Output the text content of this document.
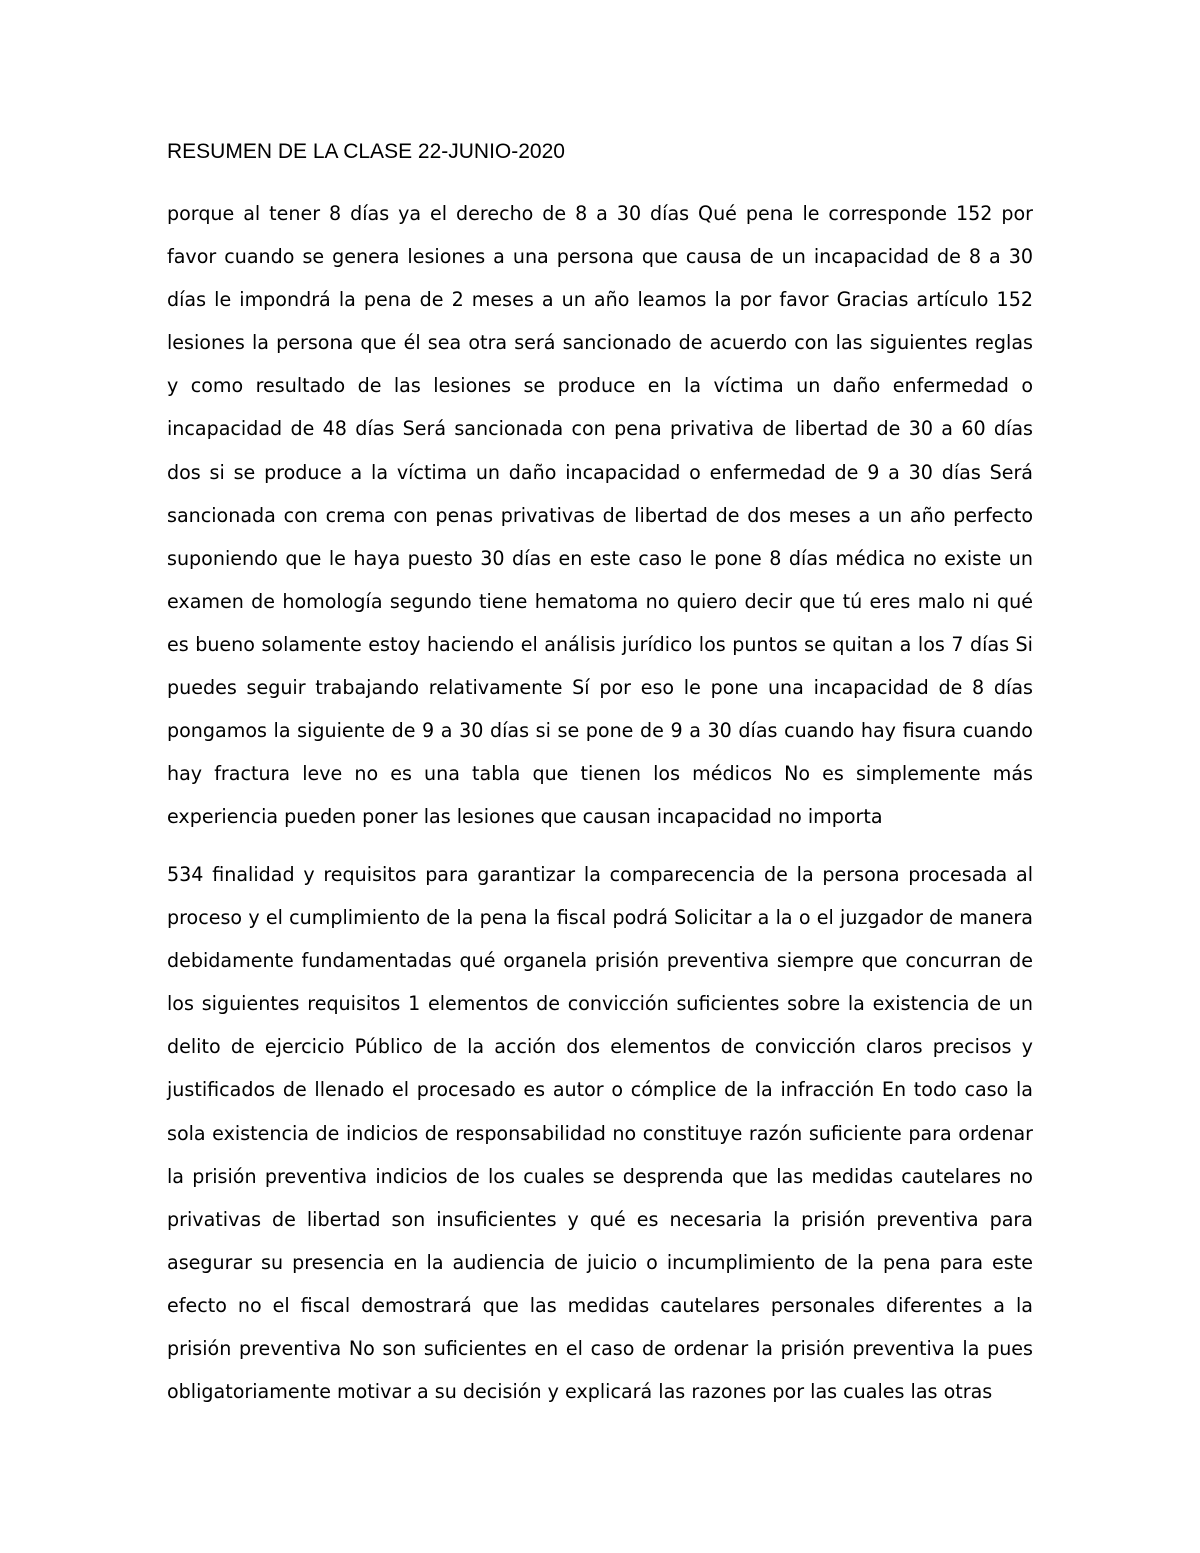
RESUMEN DE LA CLASE 22-JUNIO-2020

porque al tener 8 días ya el derecho de 8 a 30 días Qué pena le corresponde 152 por favor cuando se genera lesiones a una persona que causa de un incapacidad de 8 a 30 días le impondrá la pena de 2 meses a un año leamos la por favor Gracias artículo 152 lesiones la persona que él sea otra será sancionado de acuerdo con las siguientes reglas y como resultado de las lesiones se produce en la víctima un daño enfermedad o incapacidad de 48 días Será sancionada con pena privativa de libertad de 30 a 60 días dos si se produce a la víctima un daño incapacidad o enfermedad de 9 a 30 días Será sancionada con crema con penas privativas de libertad de dos meses a un año perfecto suponiendo que le haya puesto 30 días en este caso le pone 8 días médica no existe un examen de homología segundo tiene hematoma no quiero decir que tú eres malo ni qué es bueno solamente estoy haciendo el análisis jurídico los puntos se quitan a los 7 días Si puedes seguir trabajando relativamente Sí por eso le pone una incapacidad de 8 días pongamos la siguiente de 9 a 30 días si se pone de 9 a 30 días cuando hay fisura cuando hay fractura leve no es una tabla que tienen los médicos No es simplemente más experiencia pueden poner las lesiones que causan incapacidad no importa

534 finalidad y requisitos para garantizar la comparecencia de la persona procesada al proceso y el cumplimiento de la pena la fiscal podrá Solicitar a la o el juzgador de manera debidamente fundamentadas qué organela prisión preventiva siempre que concurran de los siguientes requisitos 1 elementos de convicción suficientes sobre la existencia de un delito de ejercicio Público de la acción dos elementos de convicción claros precisos y justificados de llenado el procesado es autor o cómplice de la infracción En todo caso la sola existencia de indicios de responsabilidad no constituye razón suficiente para ordenar la prisión preventiva indicios de los cuales se desprenda que las medidas cautelares no privativas de libertad son insuficientes y qué es necesaria la prisión preventiva para asegurar su presencia en la audiencia de juicio o incumplimiento de la pena para este efecto no el fiscal demostrará que las medidas cautelares personales diferentes a la prisión preventiva No son suficientes en el caso de ordenar la prisión preventiva la pues obligatoriamente motivar a su decisión y explicará las razones por las cuales las otras
